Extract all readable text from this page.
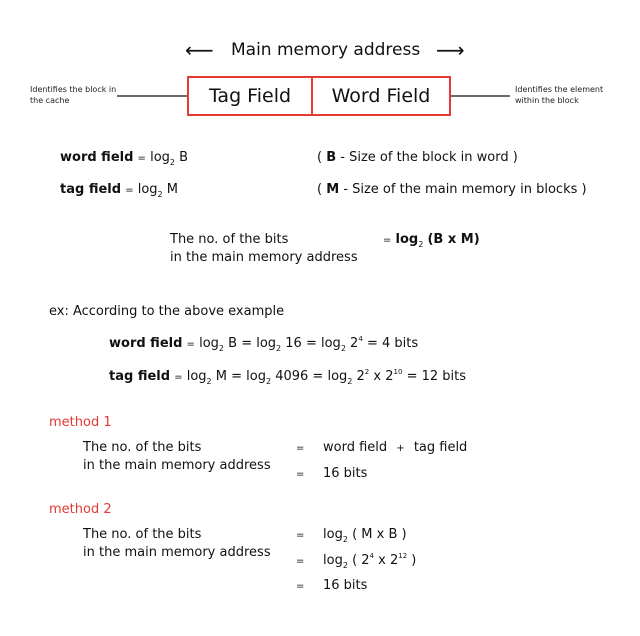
⟵ Main memory address ⟶
Identifies the block in the cache
Identifies the element within the block
Tag Field Word Field
word field = $\log_2 B$	( B - Size of the block in word )
tag field = $\log_2 M$	( M - Size of the main memory in blocks )
The no. of the bits
in the main memory address
= $\log_2 (B$ x M)
ex: According to the above example
word field = $\log_2 B = \log_2 16 = \log_2 2^4 = 4$ bits
tag field = $\log_2 M = \log_2 4096 = \log_2 2^2$ x $2^{10} = 12$ bits
method 1
The no. of the bits
in the main memory address
= word field + tag field
= 16 bits
method 2
The no. of the bits
in the main memory address
= $\log_2$ ( M x B )
= $\log_2$ ( $2^4$ x $2^{12}$ )
= 16 bits
